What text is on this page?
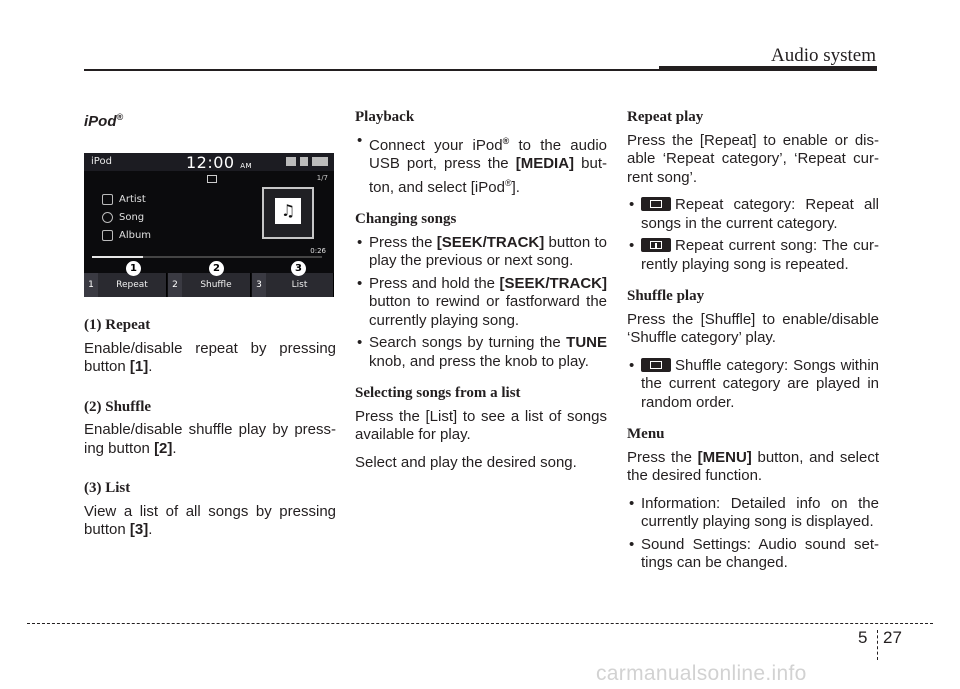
Audio system

iPod®

iPod	12:00 AM
1/7
Artist
Song
Album
♫
0:26
1	Repeat	2	Shuffle	3	List
1	2	3
(1) Repeat

Enable/disable repeat by pressing button [1].

(2) Shuffle

Enable/disable shuffle play by press-ing button [2].

(3) List

View a list of all songs by pressing button [3].

Playback
• Connect your iPod® to the audio USB port, press the [MEDIA] but-ton, and select [iPod®].
Changing songs
• Press the [SEEK/TRACK] button to play the previous or next song.
• Press and hold the [SEEK/TRACK] button to rewind or fastforward the currently playing song.
• Search songs by turning the TUNE knob, and press the knob to play.
Selecting songs from a list

Press the [List] to see a list of songs available for play.

Select and play the desired song.

Repeat play

Press the [Repeat] to enable or dis-able ‘Repeat category’, ‘Repeat cur-rent song’.

• Repeat category: Repeat all songs in the current category.
• Repeat current song: The cur-rently playing song is repeated.
Shuffle play

Press the [Shuffle] to enable/disable ‘Shuffle category’ play.

• Shuffle category: Songs within the current category are played in random order.
Menu

Press the [MENU] button, and select the desired function.

• Information: Detailed info on the currently playing song is displayed.
• Sound Settings: Audio sound set-tings can be changed.
5 27
carmanualsonline.info
